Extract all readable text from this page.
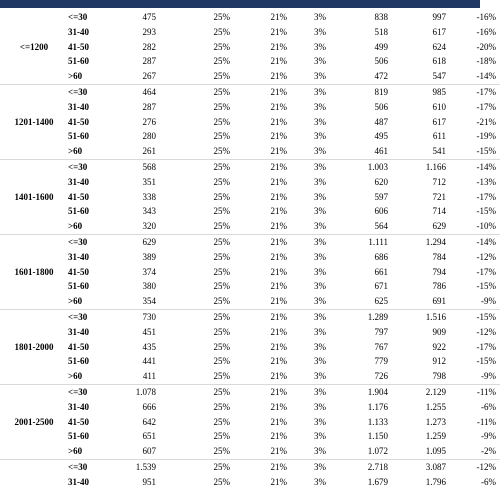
<=1200	<=30	475	25%	21%	3%	838	997	-16%	
	31-40	293	25%	21%	3%	518	617	-16%	
	41-50	282	25%	21%	3%	499	624	-20%	
	51-60	287	25%	21%	3%	506	618	-18%	
	>60	267	25%	21%	3%	472	547	-14%	
1201-1400	<=30	464	25%	21%	3%	819	985	-17%	
	31-40	287	25%	21%	3%	506	610	-17%	
	41-50	276	25%	21%	3%	487	617	-21%	
	51-60	280	25%	21%	3%	495	611	-19%	
	>60	261	25%	21%	3%	461	541	-15%	
1401-1600	<=30	568	25%	21%	3%	1.003	1.166	-14%	
	31-40	351	25%	21%	3%	620	712	-13%	
	41-50	338	25%	21%	3%	597	721	-17%	
	51-60	343	25%	21%	3%	606	714	-15%	
	>60	320	25%	21%	3%	564	629	-10%	
1601-1800	<=30	629	25%	21%	3%	1.111	1.294	-14%	
	31-40	389	25%	21%	3%	686	784	-12%	
	41-50	374	25%	21%	3%	661	794	-17%	
	51-60	380	25%	21%	3%	671	786	-15%	
	>60	354	25%	21%	3%	625	691	-9%	
1801-2000	<=30	730	25%	21%	3%	1.289	1.516	-15%	
	31-40	451	25%	21%	3%	797	909	-12%	
	41-50	435	25%	21%	3%	767	922	-17%	
	51-60	441	25%	21%	3%	779	912	-15%	
	>60	411	25%	21%	3%	726	798	-9%	
2001-2500	<=30	1.078	25%	21%	3%	1.904	2.129	-11%	
	31-40	666	25%	21%	3%	1.176	1.255	-6%	
	41-50	642	25%	21%	3%	1.133	1.273	-11%	
	51-60	651	25%	21%	3%	1.150	1.259	-9%	
	>60	607	25%	21%	3%	1.072	1.095	-2%	
	<=30	1.539	25%	21%	3%	2.718	3.087	-12%	
	31-40	951	25%	21%	3%	1.679	1.796	-6%	
